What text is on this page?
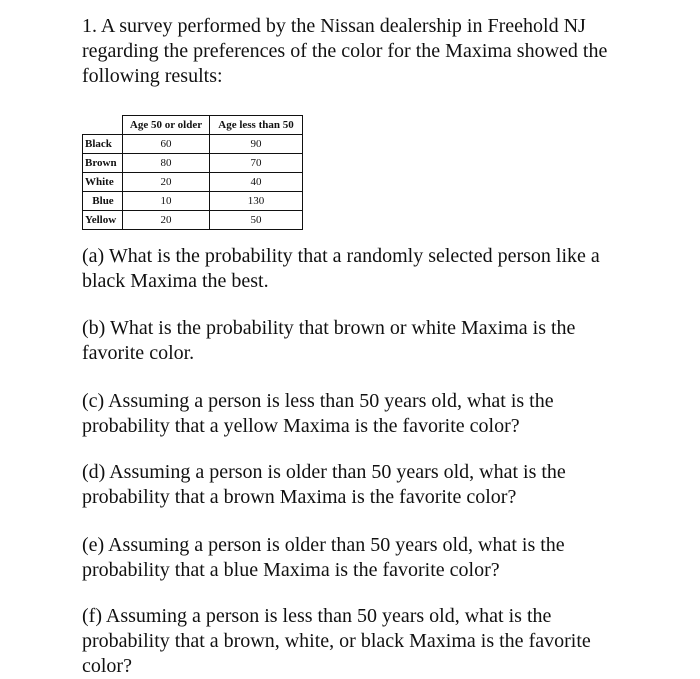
1. A survey performed by the Nissan dealership in Freehold NJ regarding the preferences of the color for the Maxima showed the following results:

	Age 50 or older	Age less than 50
Black	60	90
Brown	80	70
White	20	40
Blue	10	130
Yellow	20	50

(a) What is the probability that a randomly selected person like a black Maxima the best.

(b) What is the probability that brown or white Maxima is the favorite color.

(c) Assuming a person is less than 50 years old, what is the probability that a yellow Maxima is the favorite color?

(d) Assuming a person is older than 50 years old, what is the probability that a brown Maxima is the favorite color?

(e) Assuming a person is older than 50 years old, what is the probability that a blue Maxima is the favorite color?

(f) Assuming a person is less than 50 years old, what is the probability that a brown, white, or black Maxima is the favorite color?
